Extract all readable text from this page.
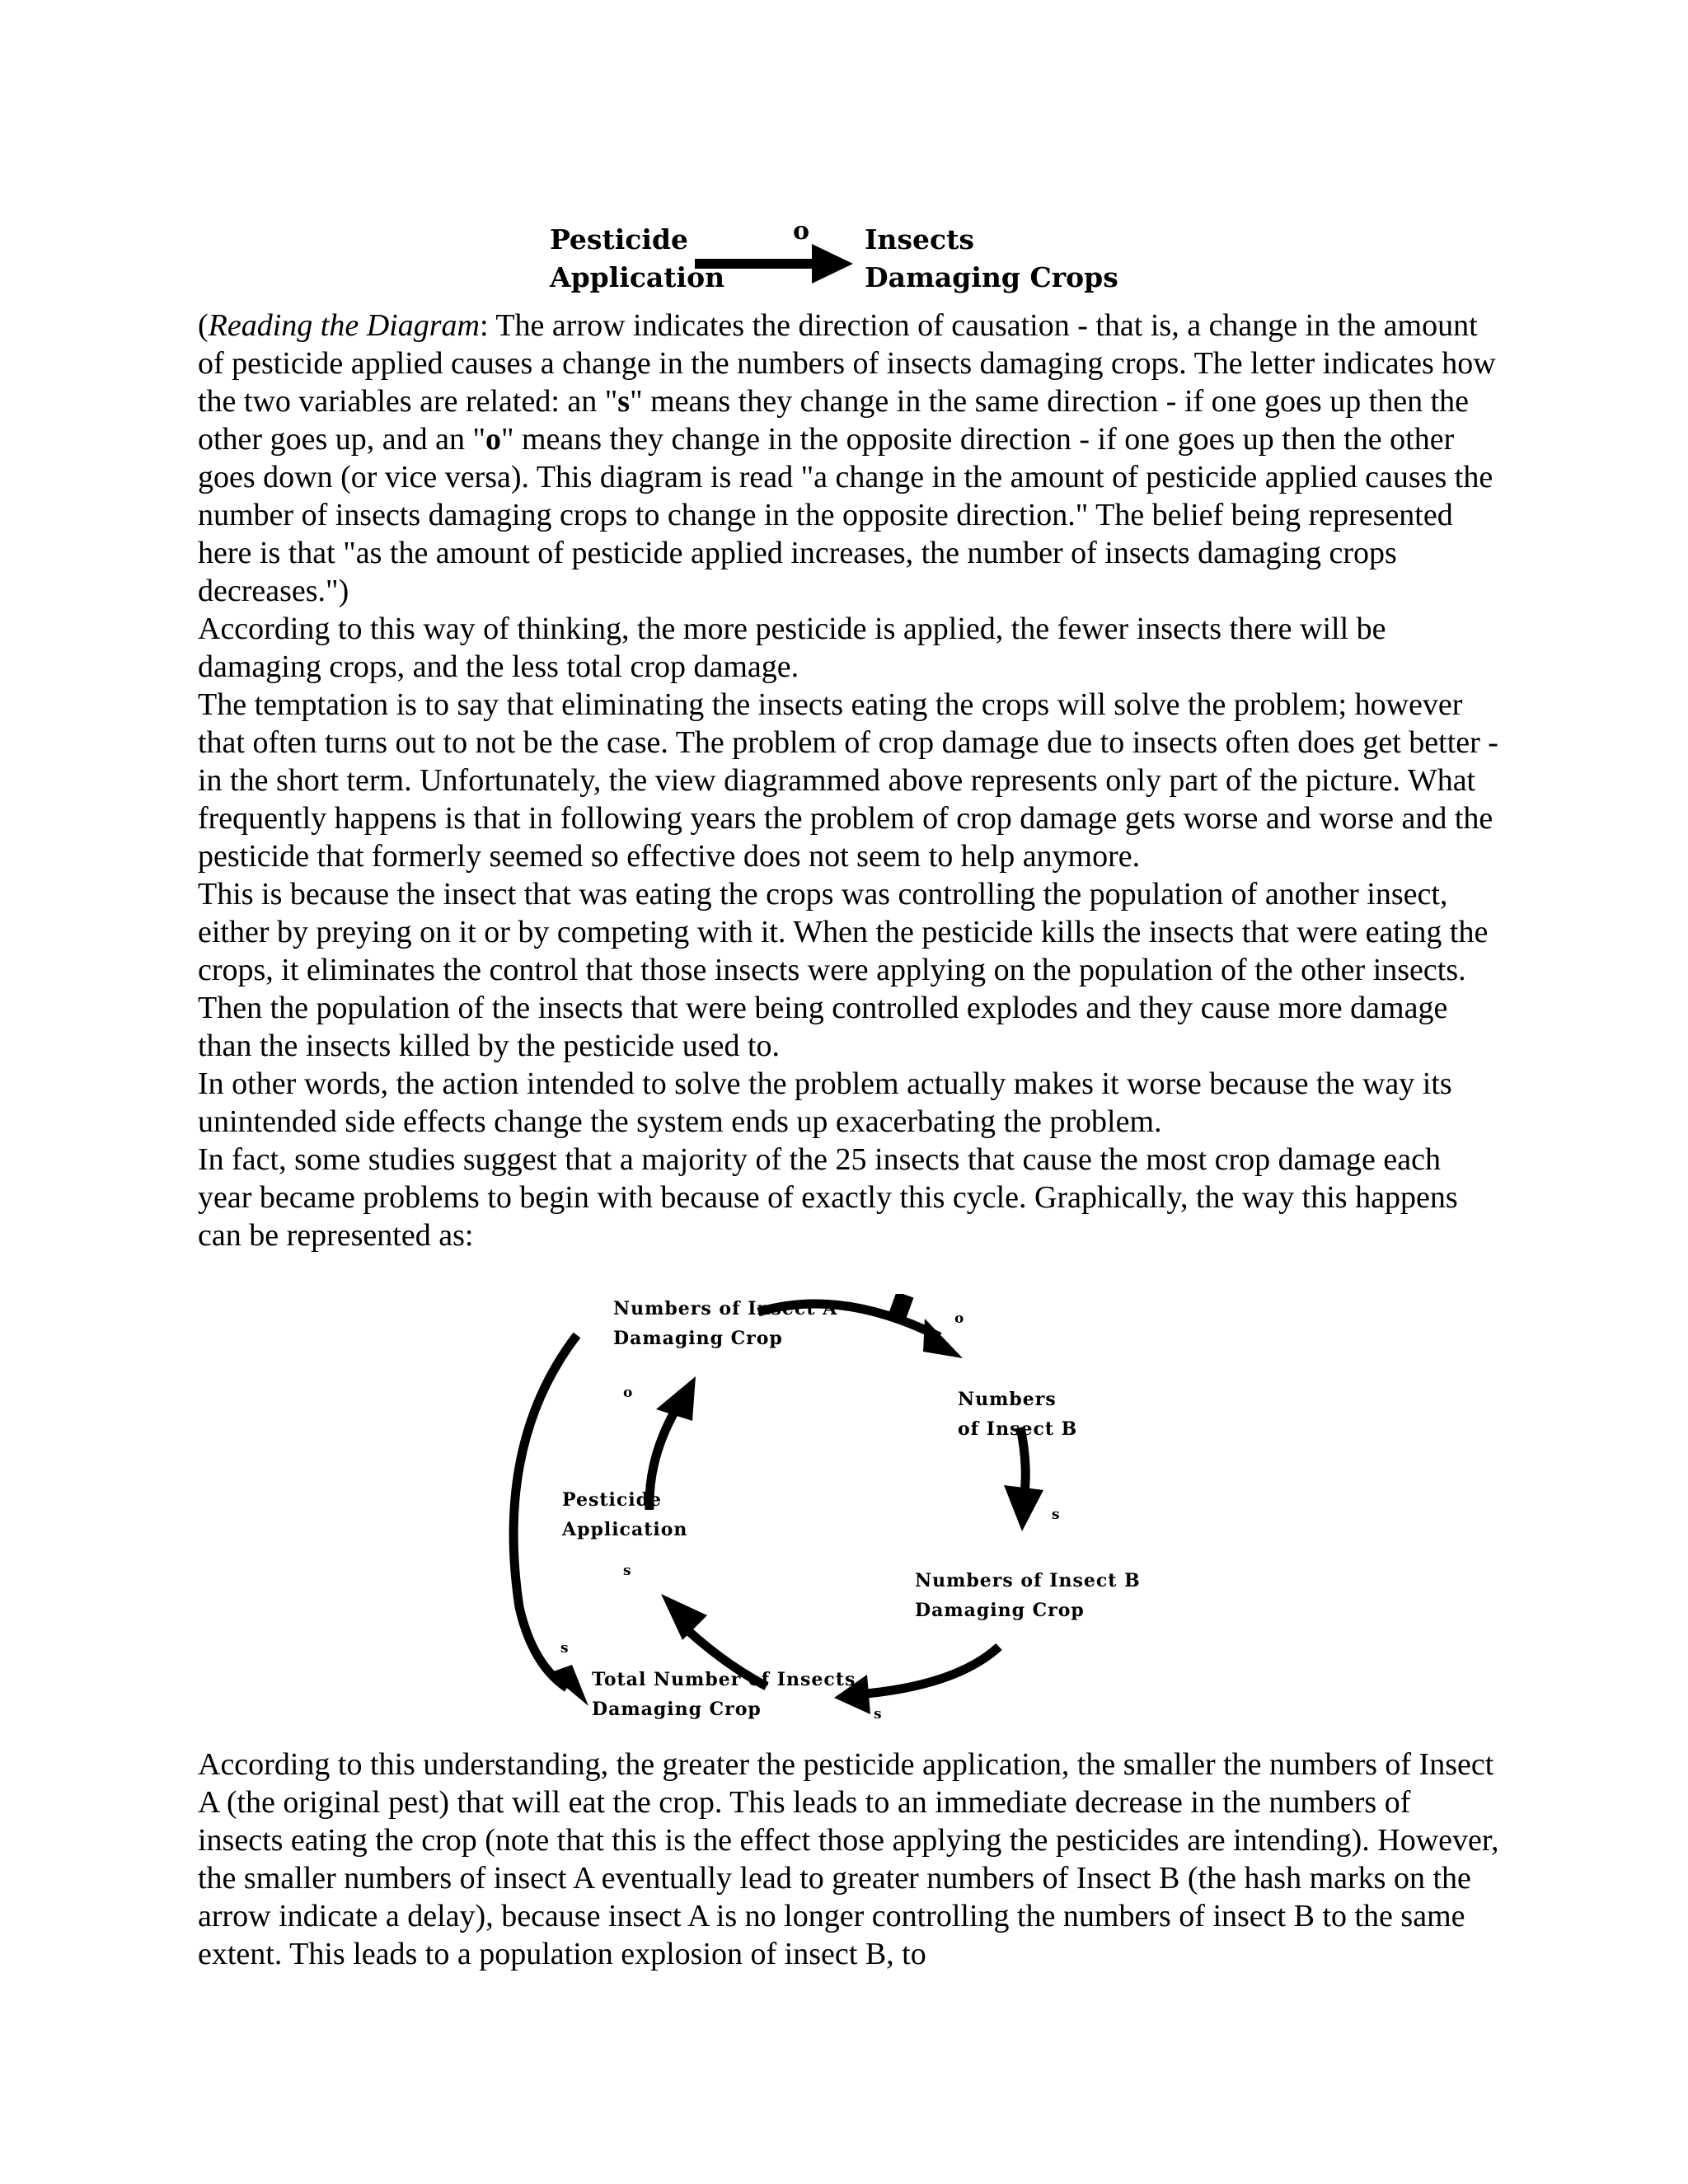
Pesticide
Application
o Insects
Damaging Crops

(Reading the Diagram: The arrow indicates the direction of causation - that is, a change in the amount of pesticide applied causes a change in the numbers of insects damaging crops. The letter indicates how the two variables are related: an "s" means they change in the same direction - if one goes up then the other goes up, and an "o" means they change in the opposite direction - if one goes up then the other goes down (or vice versa). This diagram is read "a change in the amount of pesticide applied causes the number of insects damaging crops to change in the opposite direction." The belief being represented here is that "as the amount of pesticide applied increases, the number of insects damaging crops decreases.")

According to this way of thinking, the more pesticide is applied, the fewer insects there will be damaging crops, and the less total crop damage.

The temptation is to say that eliminating the insects eating the crops will solve the problem; however that often turns out to not be the case. The problem of crop damage due to insects often does get better - in the short term. Unfortunately, the view diagrammed above represents only part of the picture. What frequently happens is that in following years the problem of crop damage gets worse and worse and the pesticide that formerly seemed so effective does not seem to help anymore.

This is because the insect that was eating the crops was controlling the population of another insect, either by preying on it or by competing with it. When the pesticide kills the insects that were eating the crops, it eliminates the control that those insects were applying on the population of the other insects. Then the population of the insects that were being controlled explodes and they cause more damage than the insects killed by the pesticide used to.

In other words, the action intended to solve the problem actually makes it worse because the way its unintended side effects change the system ends up exacerbating the problem.

In fact, some studies suggest that a majority of the 25 insects that cause the most crop damage each year became problems to begin with because of exactly this cycle. Graphically, the way this happens can be represented as:

Numbers of Insect A
Damaging Crop
Numbers
of Insect B
Numbers of Insect B
Damaging Crop
Total Number of Insects
Damaging Crop
Pesticide
Application
o
s
s
s
o
s

According to this understanding, the greater the pesticide application, the smaller the numbers of Insect A (the original pest) that will eat the crop. This leads to an immediate decrease in the numbers of insects eating the crop (note that this is the effect those applying the pesticides are intending). However, the smaller numbers of insect A eventually lead to greater numbers of Insect B (the hash marks on the arrow indicate a delay), because insect A is no longer controlling the numbers of insect B to the same extent. This leads to a population explosion of insect B, to
